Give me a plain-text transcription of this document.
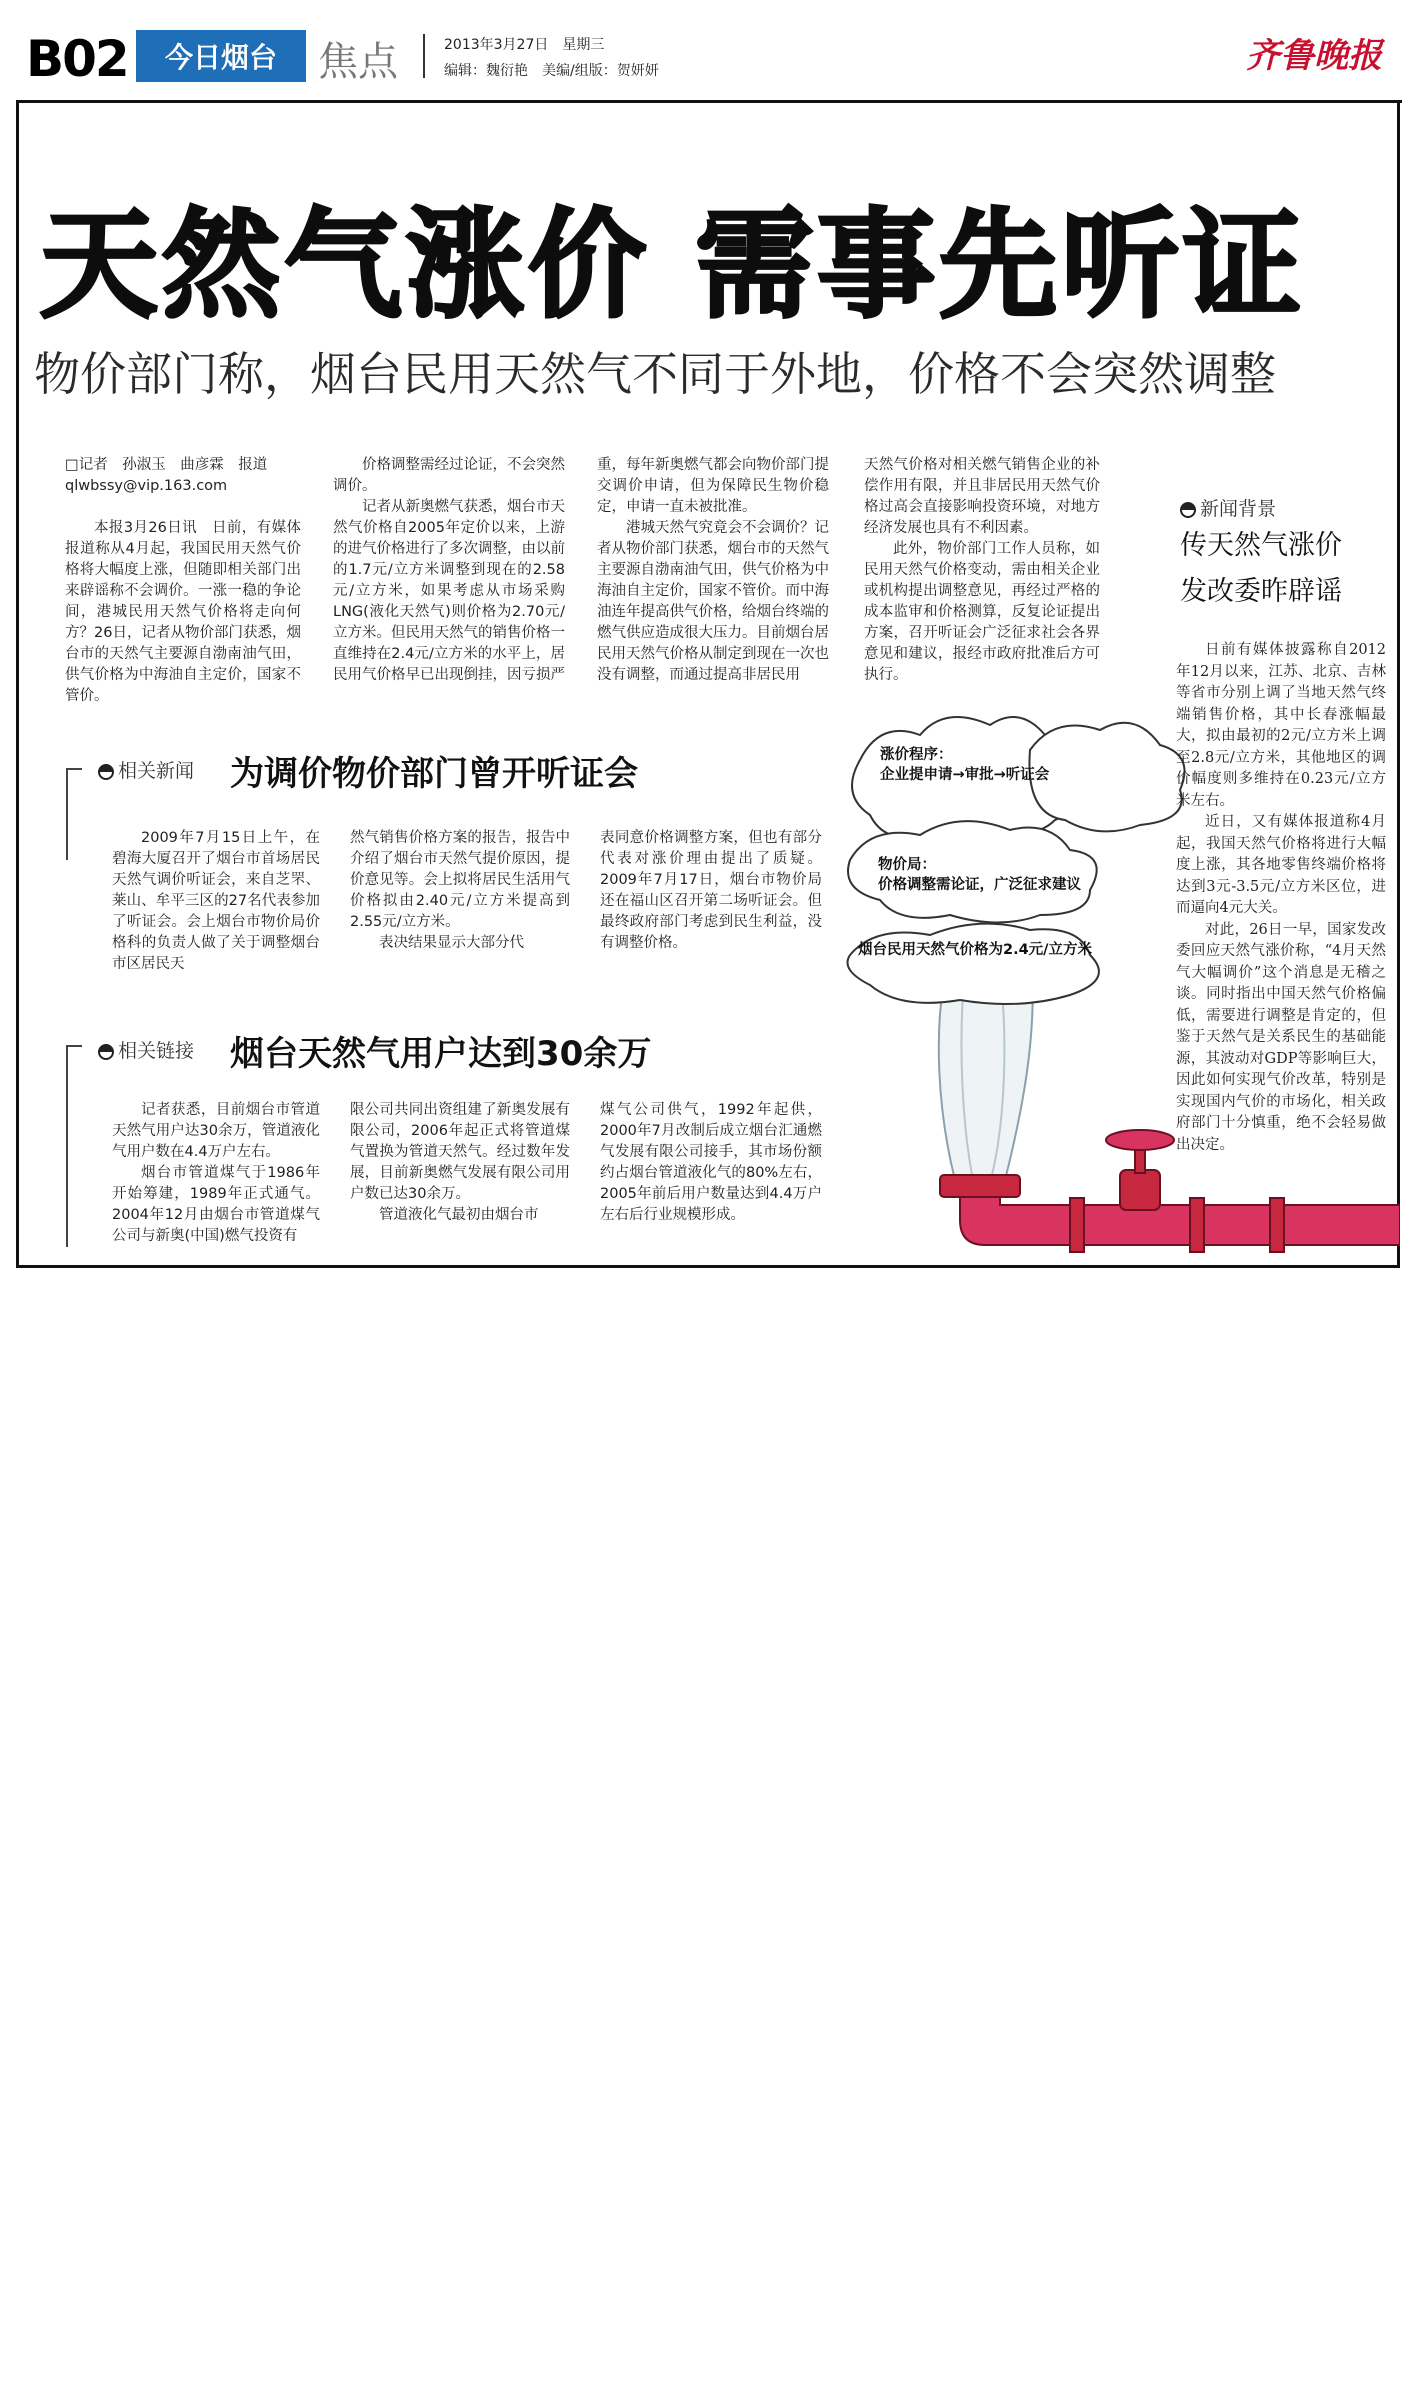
B02	今日烟台	焦点	2013年3月27日　星期三
编辑：魏衍艳　美编/组版：贺妍妍	齐鲁晚报
天然气涨价 需事先听证
物价部门称，烟台民用天然气不同于外地，价格不会突然调整
□记者　孙淑玉　曲彦霖　报道
qlwbssy@vip.163.com

本报3月26日讯　日前，有媒体报道称从4月起，我国民用天然气价格将大幅度上涨，但随即相关部门出来辟谣称不会调价。一涨一稳的争论间，港城民用天然气价格将走向何方？26日，记者从物价部门获悉，烟台市的天然气主要源自渤南油气田，供气价格为中海油自主定价，国家不管价。

价格调整需经过论证，不会突然调价。

记者从新奥燃气获悉，烟台市天然气价格自2005年定价以来，上游的进气价格进行了多次调整，由以前的1.7元/立方米调整到现在的2.58元/立方米，如果考虑从市场采购LNG(液化天然气)则价格为2.70元/立方米。但民用天然气的销售价格一直维持在2.4元/立方米的水平上，居民用气价格早已出现倒挂，因亏损严

重，每年新奥燃气都会向物价部门提交调价申请，但为保障民生物价稳定，申请一直未被批准。

港城天然气究竟会不会调价？记者从物价部门获悉，烟台市的天然气主要源自渤南油气田，供气价格为中海油自主定价，国家不管价。而中海油连年提高供气价格，给烟台终端的燃气供应造成很大压力。目前烟台居民用天然气价格从制定到现在一次也没有调整，而通过提高非居民用

天然气价格对相关燃气销售企业的补偿作用有限，并且非居民用天然气价格过高会直接影响投资环境，对地方经济发展也具有不利因素。

此外，物价部门工作人员称，如民用天然气价格变动，需由相关企业或机构提出调整意见，再经过严格的成本监审和价格测算，反复论证提出方案，召开听证会广泛征求社会各界意见和建议，报经市政府批准后方可执行。

相关新闻 为调价物价部门曾开听证会

2009年7月15日上午，在碧海大厦召开了烟台市首场居民天然气调价听证会，来自芝罘、莱山、牟平三区的27名代表参加了听证会。会上烟台市物价局价格科的负责人做了关于调整烟台市区居民天

然气销售价格方案的报告，报告中介绍了烟台市天然气提价原因，提价意见等。会上拟将居民生活用气价格拟由2.40元/立方米提高到2.55元/立方米。

表决结果显示大部分代

表同意价格调整方案，但也有部分代表对涨价理由提出了质疑。2009年7月17日，烟台市物价局还在福山区召开第二场听证会。但最终政府部门考虑到民生利益，没有调整价格。

相关链接 烟台天然气用户达到30余万

记者获悉，目前烟台市管道天然气用户达30余万，管道液化气用户数在4.4万户左右。

烟台市管道煤气于1986年开始筹建，1989年正式通气。2004年12月由烟台市管道煤气公司与新奥(中国)燃气投资有

限公司共同出资组建了新奥发展有限公司，2006年起正式将管道煤气置换为管道天然气。经过数年发展，目前新奥燃气发展有限公司用户数已达30余万。

管道液化气最初由烟台市

煤气公司供气，1992年起供，2000年7月改制后成立烟台汇通燃气发展有限公司接手，其市场份额约占烟台管道液化气的80%左右，2005年前后用户数量达到4.4万户左右后行业规模形成。

涨价程序：
企业提申请→审批→听证会
物价局：
价格调整需论证，广泛征求建议
烟台民用天然气价格为2.4元/立方米
新闻背景
传天然气涨价
发改委昨辟谣

日前有媒体披露称自2012年12月以来，江苏、北京、吉林等省市分别上调了当地天然气终端销售价格，其中长春涨幅最大，拟由最初的2元/立方米上调至2.8元/立方米，其他地区的调价幅度则多维持在0.23元/立方米左右。

近日，又有媒体报道称4月起，我国天然气价格将进行大幅度上涨，其各地零售终端价格将达到3元-3.5元/立方米区位，进而逼向4元大关。

对此，26日一早，国家发改委回应天然气涨价称，“4月天然气大幅调价”这个消息是无稽之谈。同时指出中国天然气价格偏低，需要进行调整是肯定的，但鉴于天然气是关系民生的基础能源，其波动对GDP等影响巨大，因此如何实现气价改革，特别是实现国内气价的市场化，相关政府部门十分慎重，绝不会轻易做出决定。
